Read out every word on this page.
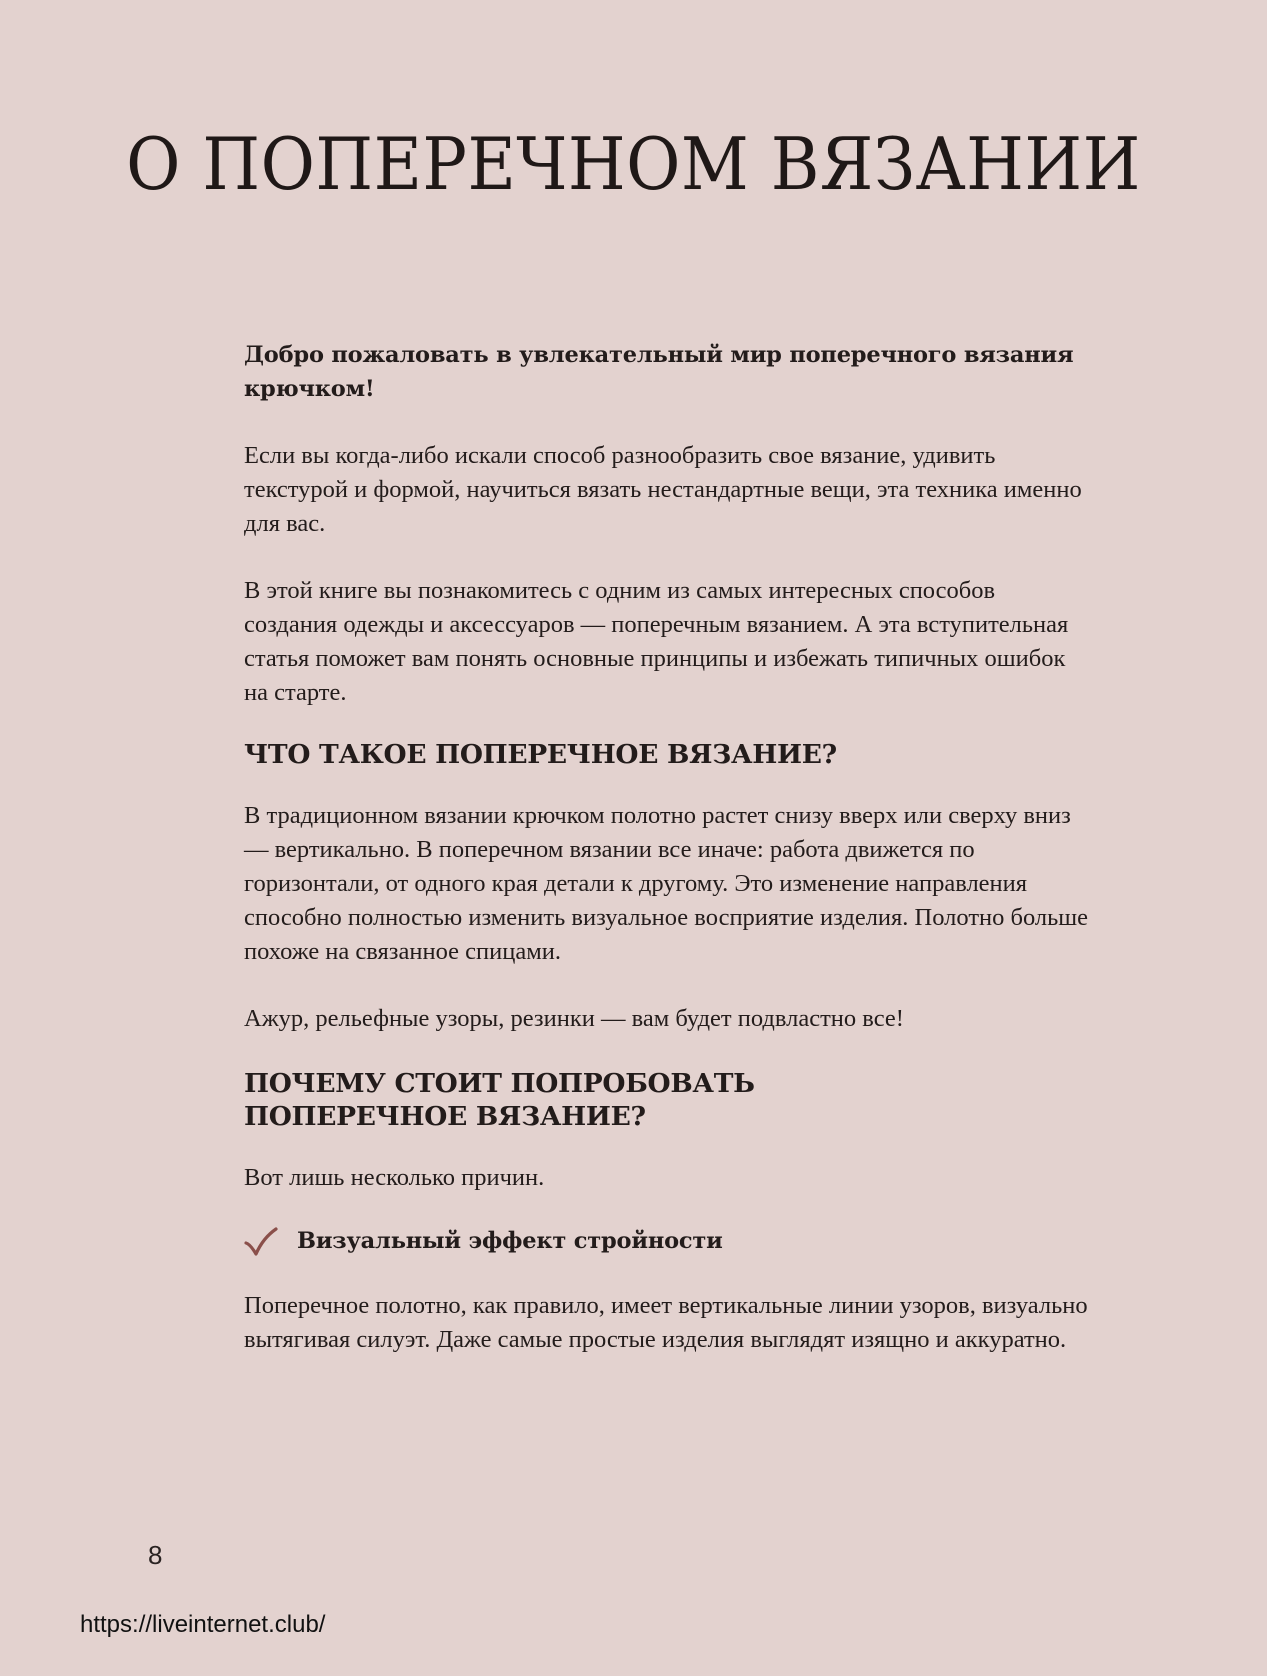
О ПОПЕРЕЧНОМ ВЯЗАНИИ

Добро пожаловать в увлекательный мир поперечного вязания крючком!

Если вы когда-либо искали способ разнообразить свое вязание, удивить текстурой и формой, научиться вязать нестандартные вещи, эта техника именно для вас.

В этой книге вы познакомитесь с одним из самых интересных способов создания одежды и аксессуаров — поперечным вязанием. А эта вступительная статья поможет вам понять основные принципы и избежать типичных ошибок на старте.

ЧТО ТАКОЕ ПОПЕРЕЧНОЕ ВЯЗАНИЕ?

В традиционном вязании крючком полотно растет снизу вверх или сверху вниз — вертикально. В поперечном вязании все иначе: работа движется по горизонтали, от одного края детали к другому. Это изменение направления способно полностью изменить визуальное восприятие изделия. Полотно больше похоже на связанное спицами.

Ажур, рельефные узоры, резинки — вам будет подвластно все!

ПОЧЕМУ СТОИТ ПОПРОБОВАТЬ
ПОПЕРЕЧНОЕ ВЯЗАНИЕ?

Вот лишь несколько причин.

Визуальный эффект стройности

Поперечное полотно, как правило, имеет вертикальные линии узоров, визуально вытягивая силуэт. Даже самые простые изделия выглядят изящно и аккуратно.

8
https://liveinternet.club/
